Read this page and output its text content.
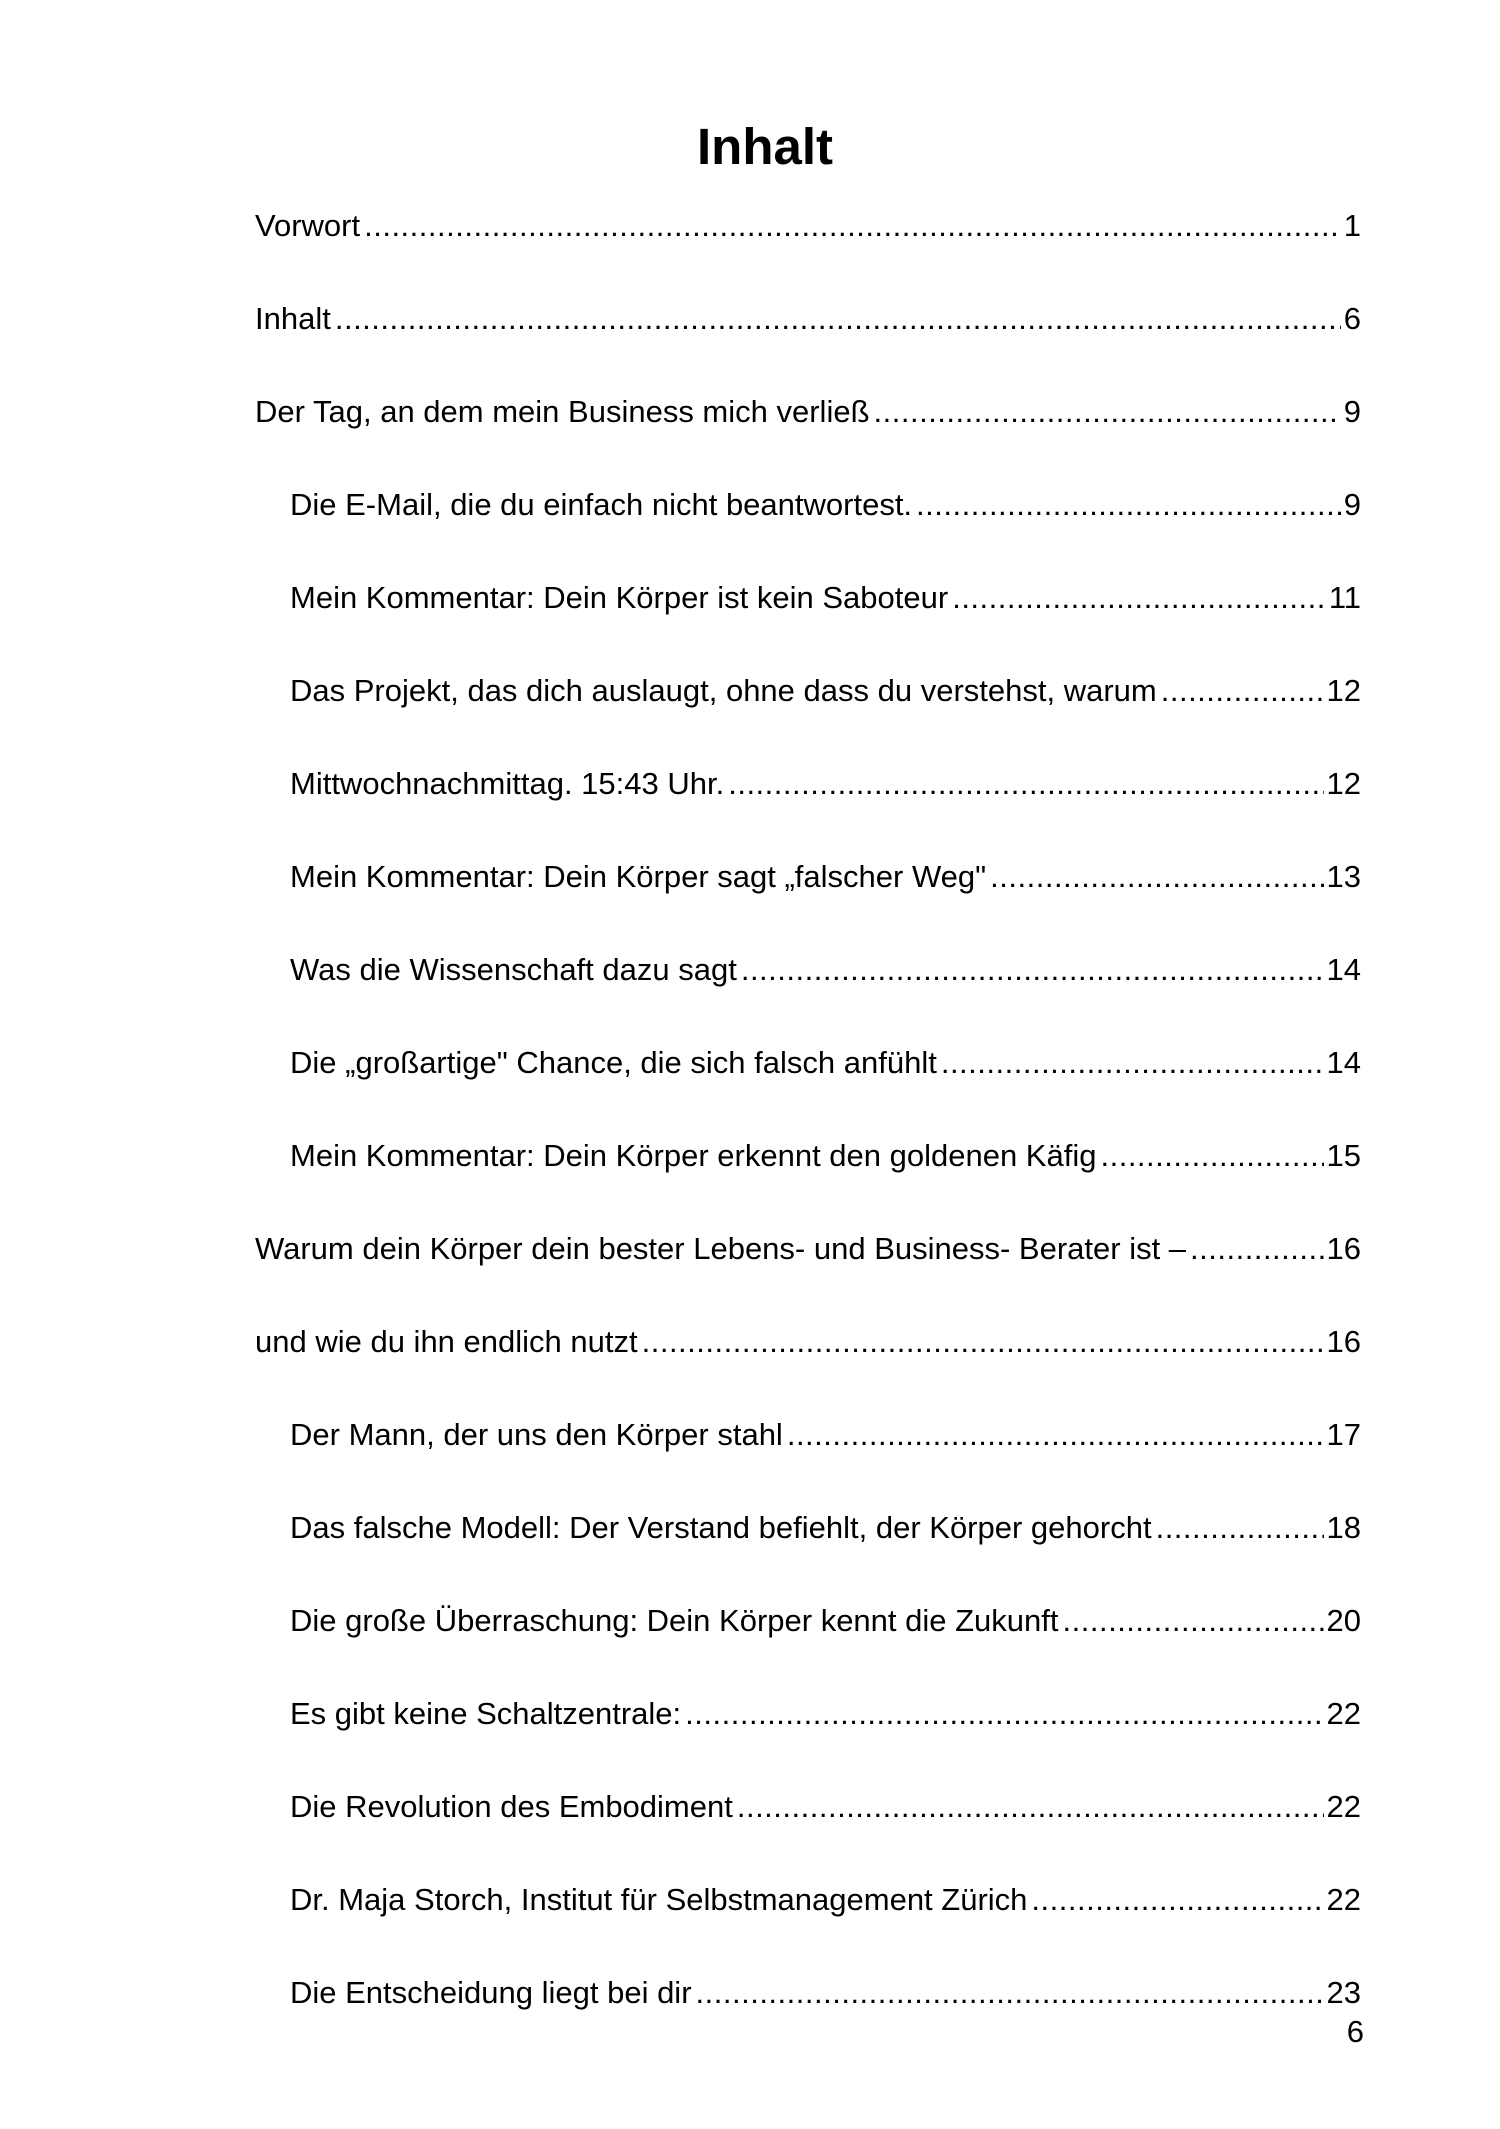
Inhalt
Vorwort .....	1
Inhalt .....	6
Der Tag, an dem mein Business mich verließ .....	9
Die E-Mail, die du einfach nicht beantwortest. .....	9
Mein Kommentar: Dein Körper ist kein Saboteur .....	11
Das Projekt, das dich auslaugt, ohne dass du verstehst, warum .....	12
Mittwochnachmittag. 15:43 Uhr. .....	12
Mein Kommentar: Dein Körper sagt „falscher Weg" .....	13
Was die Wissenschaft dazu sagt .....	14
Die „großartige" Chance, die sich falsch anfühlt .....	14
Mein Kommentar: Dein Körper erkennt den goldenen Käfig .....	15
Warum dein Körper dein bester Lebens- und Business- Berater ist – .....	16
und wie du ihn endlich nutzt .....	16
Der Mann, der uns den Körper stahl .....	17
Das falsche Modell: Der Verstand befiehlt, der Körper gehorcht .....	18
Die große Überraschung: Dein Körper kennt die Zukunft .....	20
Es gibt keine Schaltzentrale: .....	22
Die Revolution des Embodiment .....	22
Dr. Maja Storch, Institut für Selbstmanagement Zürich .....	22
Die Entscheidung liegt bei dir .....	23
6
